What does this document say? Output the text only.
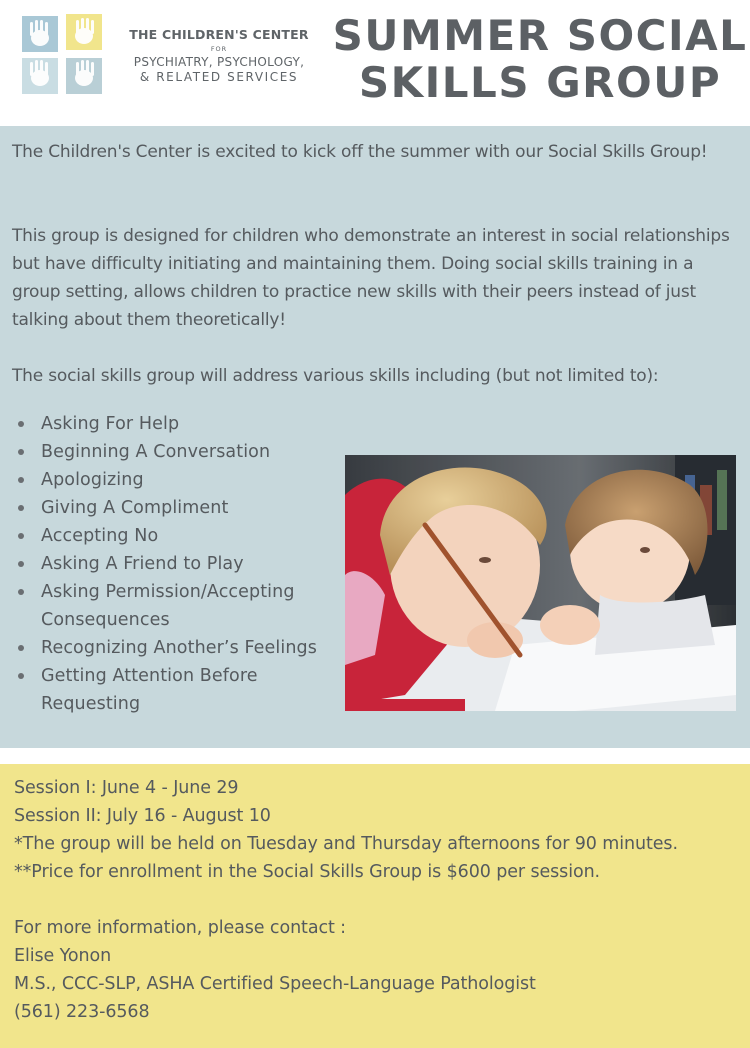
THE CHILDREN'S CENTER
FOR
PSYCHIATRY, PSYCHOLOGY,
& RELATED SERVICES
SUMMER SOCIAL
SKILLS GROUP

The Children's Center is excited to kick off the summer with our Social Skills Group!

This group is designed for children who demonstrate an interest in social relationships but have difficulty initiating and maintaining them. Doing social skills training in a group setting, allows children to practice new skills with their peers instead of just talking about them theoretically!

The social skills group will address various skills including (but not limited to):

Asking For Help
Beginning A Conversation
Apologizing
Giving A Compliment
Accepting No
Asking A Friend to Play
Asking Permission/Accepting Consequences
Recognizing Another’s Feelings
Getting Attention Before Requesting
Session I: June 4 - June 29
Session II: July 16 - August 10
*The group will be held on Tuesday and Thursday afternoons for 90 minutes.
**Price for enrollment in the Social Skills Group is $600 per session.
For more information, please contact :
Elise Yonon
M.S., CCC-SLP, ASHA Certified Speech-Language Pathologist
(561) 223-6568
